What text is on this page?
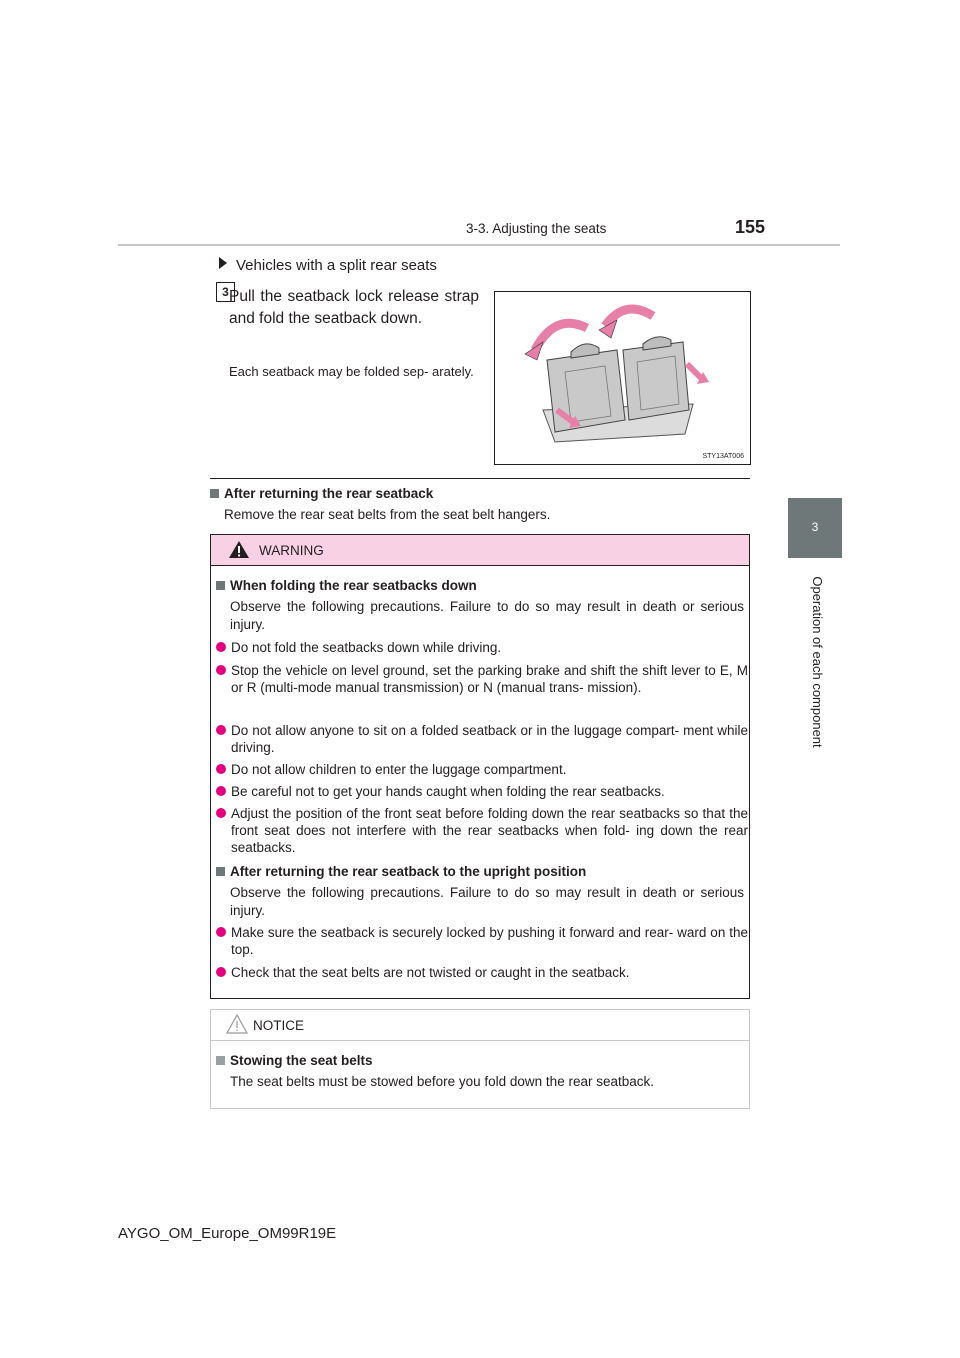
3-3. Adjusting the seats	155
3
Operation of each component
Vehicles with a split rear seats
3 Pull the seatback lock release strap and fold the seatback down.
Each seatback may be folded sep- arately.
STY13AT006
After returning the rear seatback
Remove the rear seat belts from the seat belt hangers.
WARNING
When folding the rear seatbacks down
Observe the following precautions. Failure to do so may result in death or serious injury.
Do not fold the seatbacks down while driving.
Stop the vehicle on level ground, set the parking brake and shift the shift lever to E, M or R (multi-mode manual transmission) or N (manual trans- mission).
Do not allow anyone to sit on a folded seatback or in the luggage compart- ment while driving.
Do not allow children to enter the luggage compartment.
Be careful not to get your hands caught when folding the rear seatbacks.
Adjust the position of the front seat before folding down the rear seatbacks so that the front seat does not interfere with the rear seatbacks when fold- ing down the rear seatbacks.
After returning the rear seatback to the upright position
Observe the following precautions. Failure to do so may result in death or serious injury.
Make sure the seatback is securely locked by pushing it forward and rear- ward on the top.
Check that the seat belts are not twisted or caught in the seatback.
NOTICE
Stowing the seat belts
The seat belts must be stowed before you fold down the rear seatback.
AYGO_OM_Europe_OM99R19E
